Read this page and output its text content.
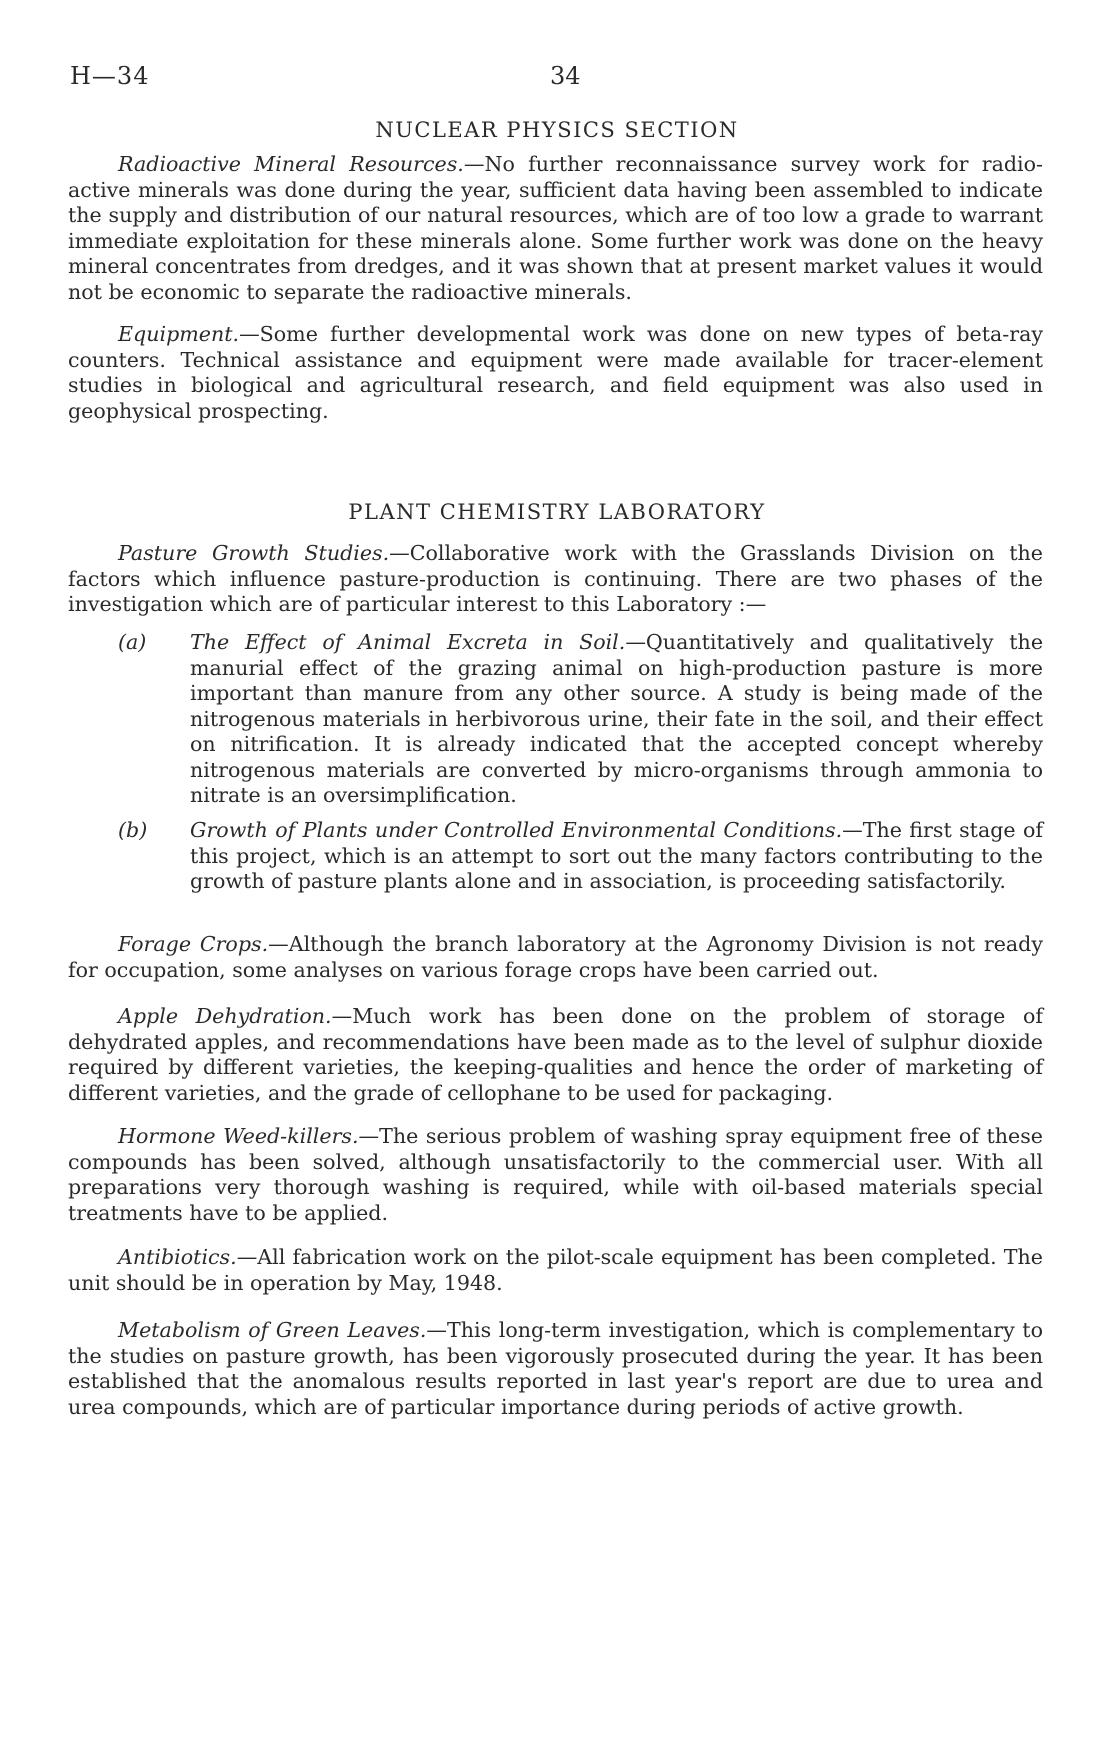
H—34	34
NUCLEAR PHYSICS SECTION

Radioactive Mineral Resources.—No further reconnaissance survey work for radio-active minerals was done during the year, sufficient data having been assembled to indicate the supply and distribution of our natural resources, which are of too low a grade to warrant immediate exploitation for these minerals alone. Some further work was done on the heavy mineral concentrates from dredges, and it was shown that at present market values it would not be economic to separate the radioactive minerals.

Equipment.—Some further developmental work was done on new types of beta-ray counters. Technical assistance and equipment were made available for tracer-element studies in biological and agricultural research, and field equipment was also used in geophysical prospecting.

PLANT CHEMISTRY LABORATORY

Pasture Growth Studies.—Collaborative work with the Grasslands Division on the factors which influence pasture-production is continuing. There are two phases of the investigation which are of particular interest to this Laboratory :—

(a) The Effect of Animal Excreta in Soil.—Quantitatively and qualitatively the manurial effect of the grazing animal on high-production pasture is more important than manure from any other source. A study is being made of the nitrogenous materials in herbivorous urine, their fate in the soil, and their effect on nitrification. It is already indicated that the accepted concept whereby nitrogenous materials are converted by micro-organisms through ammonia to nitrate is an oversimplification.

(b) Growth of Plants under Controlled Environmental Conditions.—The first stage of this project, which is an attempt to sort out the many factors contributing to the growth of pasture plants alone and in association, is proceeding satisfactorily.

Forage Crops.—Although the branch laboratory at the Agronomy Division is not ready for occupation, some analyses on various forage crops have been carried out.

Apple Dehydration.—Much work has been done on the problem of storage of dehydrated apples, and recommendations have been made as to the level of sulphur dioxide required by different varieties, the keeping-qualities and hence the order of marketing of different varieties, and the grade of cellophane to be used for packaging.

Hormone Weed-killers.—The serious problem of washing spray equipment free of these compounds has been solved, although unsatisfactorily to the commercial user. With all preparations very thorough washing is required, while with oil-based materials special treatments have to be applied.

Antibiotics.—All fabrication work on the pilot-scale equipment has been completed. The unit should be in operation by May, 1948.

Metabolism of Green Leaves.—This long-term investigation, which is complementary to the studies on pasture growth, has been vigorously prosecuted during the year. It has been established that the anomalous results reported in last year's report are due to urea and urea compounds, which are of particular importance during periods of active growth.
